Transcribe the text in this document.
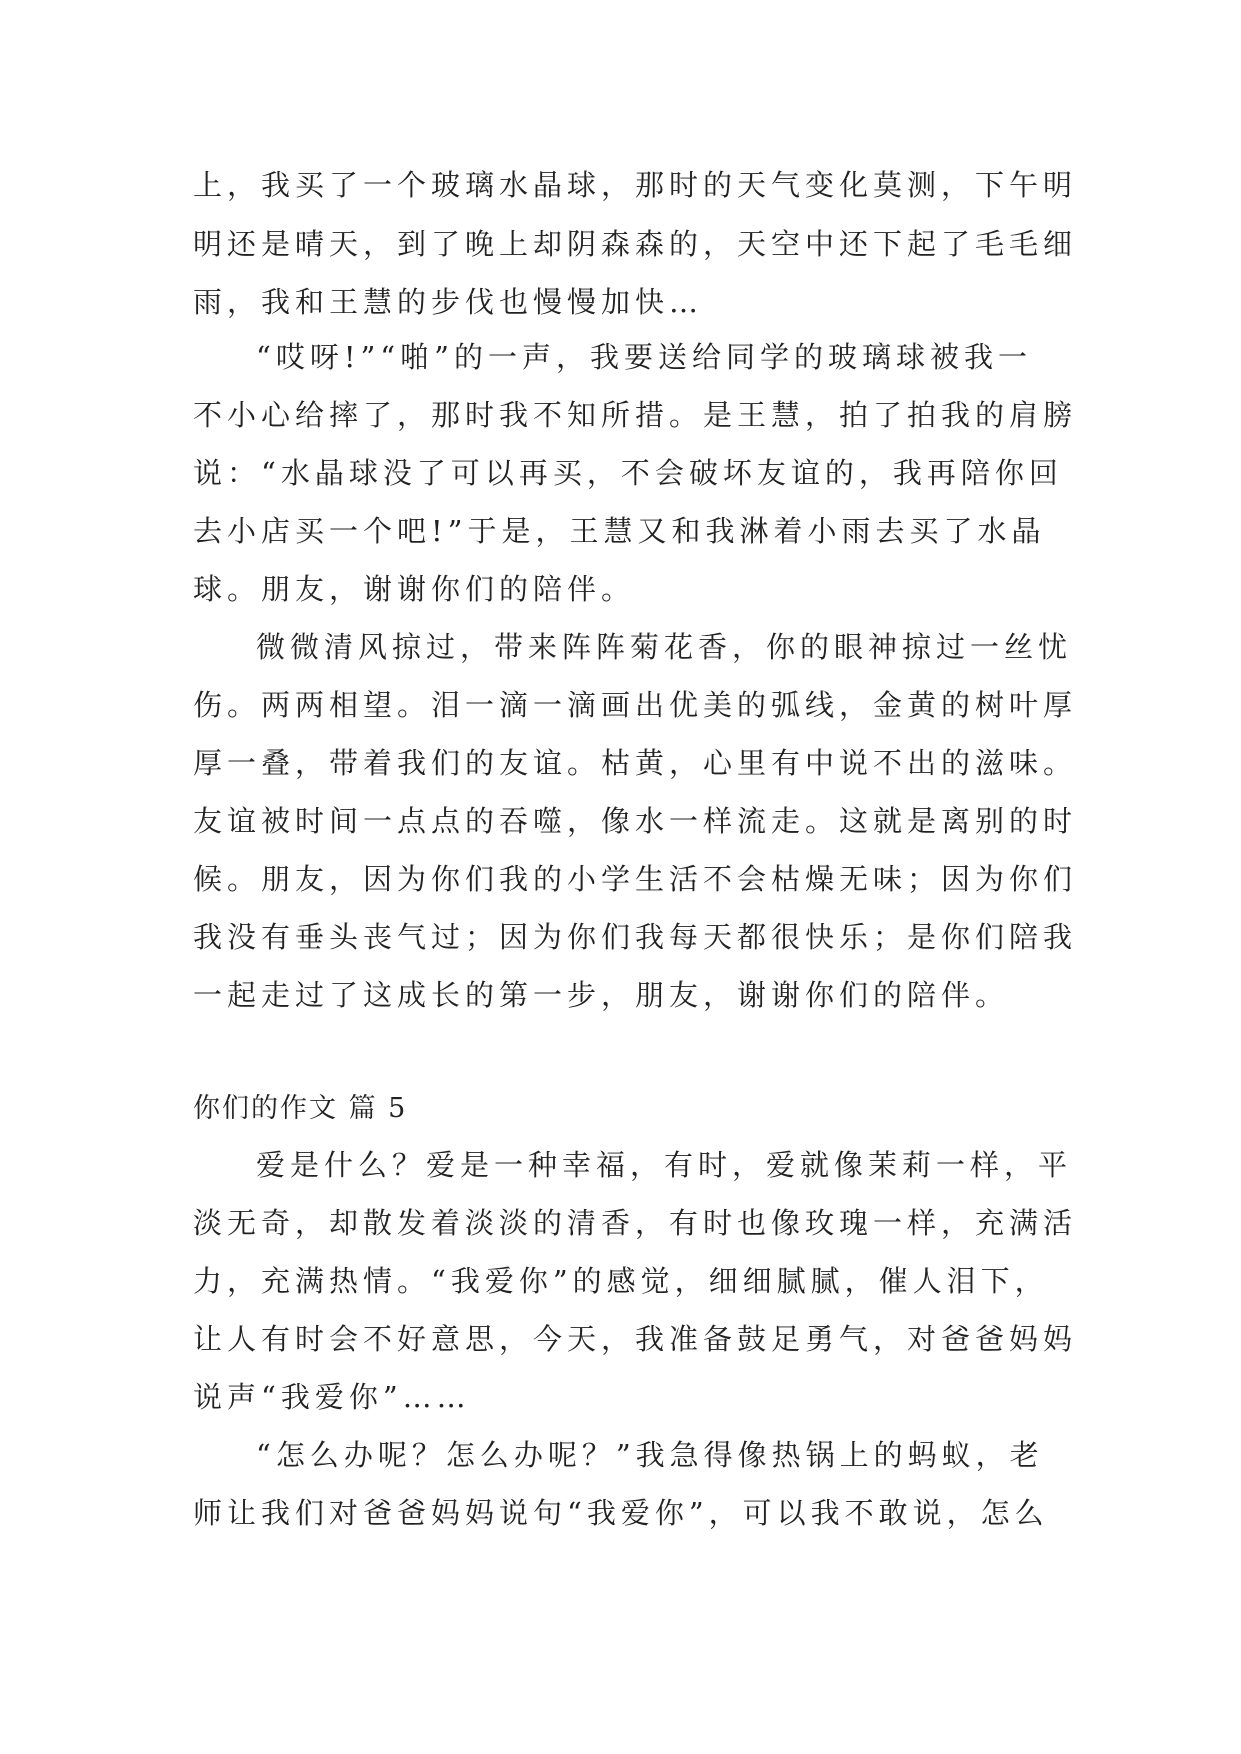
上，我买了一个玻璃水晶球，那时的天气变化莫测，下午明
明还是晴天，到了晚上却阴森森的，天空中还下起了毛毛细
雨，我和王慧的步伐也慢慢加快…
“哎呀!”“啪”的一声，我要送给同学的玻璃球被我一
不小心给摔了，那时我不知所措。是王慧，拍了拍我的肩膀
说：“水晶球没了可以再买，不会破坏友谊的，我再陪你回
去小店买一个吧!”于是，王慧又和我淋着小雨去买了水晶
球。朋友，谢谢你们的陪伴。
微微清风掠过，带来阵阵菊花香，你的眼神掠过一丝忧
伤。两两相望。泪一滴一滴画出优美的弧线，金黄的树叶厚
厚一叠，带着我们的友谊。枯黄，心里有中说不出的滋味。
友谊被时间一点点的吞噬，像水一样流走。这就是离别的时
候。朋友，因为你们我的小学生活不会枯燥无味；因为你们
我没有垂头丧气过；因为你们我每天都很快乐；是你们陪我
一起走过了这成长的第一步，朋友，谢谢你们的陪伴。
你们的作文 篇 5
爱是什么？爱是一种幸福，有时，爱就像茉莉一样，平
淡无奇，却散发着淡淡的清香，有时也像玫瑰一样，充满活
力，充满热情。“我爱你”的感觉，细细腻腻，催人泪下，
让人有时会不好意思，今天，我准备鼓足勇气，对爸爸妈妈
说声“我爱你”……
“怎么办呢？怎么办呢？”我急得像热锅上的蚂蚁，老
师让我们对爸爸妈妈说句“我爱你”，可以我不敢说，怎么
